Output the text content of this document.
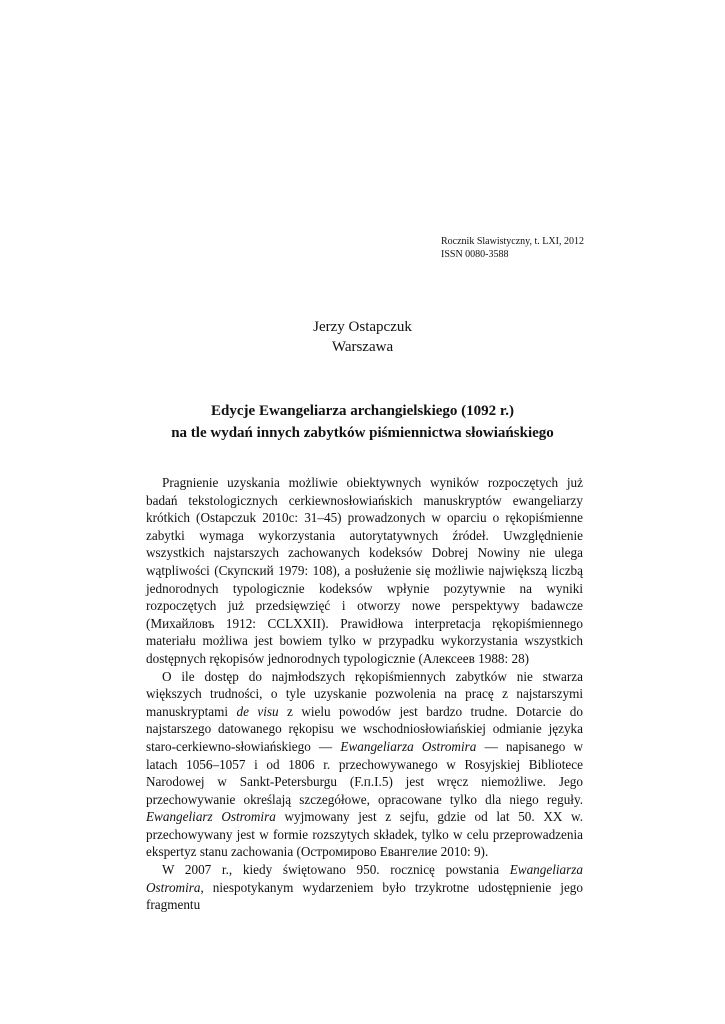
Rocznik Slawistyczny, t. LXI, 2012
ISSN 0080-3588
Jerzy Ostapczuk
Warszawa
Edycje Ewangeliarza archangielskiego (1092 r.)
na tle wydań innych zabytków piśmiennictwa słowiańskiego

Pragnienie uzyskania możliwie obiektywnych wyników rozpoczętych już badań tekstologicznych cerkiewnosłowiańskich manuskryptów ewangeliarzy krótkich (Ostapczuk 2010c: 31–45) prowadzonych w oparciu o rękopiśmienne zabytki wymaga wykorzystania autorytatywnych źródeł. Uwzględnienie wszystkich najstarszych zachowanych kodeksów Dobrej Nowiny nie ulega wątpliwości (Скупский 1979: 108), a posłużenie się możliwie największą liczbą jednorodnych typologicznie kodeksów wpłynie pozytywnie na wyniki rozpoczętych już przedsięwzięć i otworzy nowe perspektywy badawcze (Михайловъ 1912: CCLXXII). Prawidłowa interpretacja rękopiśmiennego materiału możliwa jest bowiem tylko w przypadku wykorzystania wszystkich dostępnych rękopisów jednorodnych typologicznie (Алексеев 1988: 28)

O ile dostęp do najmłodszych rękopiśmiennych zabytków nie stwarza większych trudności, o tyle uzyskanie pozwolenia na pracę z najstarszymi manuskryptami de visu z wielu powodów jest bardzo trudne. Dotarcie do najstarszego datowanego rękopisu we wschodniosłowiańskiej odmianie języka staro-cerkiewno-słowiańskiego — Ewangeliarza Ostromira — napisanego w latach 1056–1057 i od 1806 r. przechowywanego w Rosyjskiej Bibliotece Narodowej w Sankt-Petersburgu (F.п.I.5) jest wręcz niemożliwe. Jego przechowywanie określają szczegółowe, opracowane tylko dla niego reguły. Ewangeliarz Ostromira wyjmowany jest z sejfu, gdzie od lat 50. XX w. przechowywany jest w formie rozszytych składek, tylko w celu przeprowadzenia ekspertyz stanu zachowania (Остромирово Евангелие 2010: 9).

W 2007 r., kiedy świętowano 950. rocznicę powstania Ewangeliarza Ostromira, niespotykanym wydarzeniem było trzykrotne udostępnienie jego fragmentu
